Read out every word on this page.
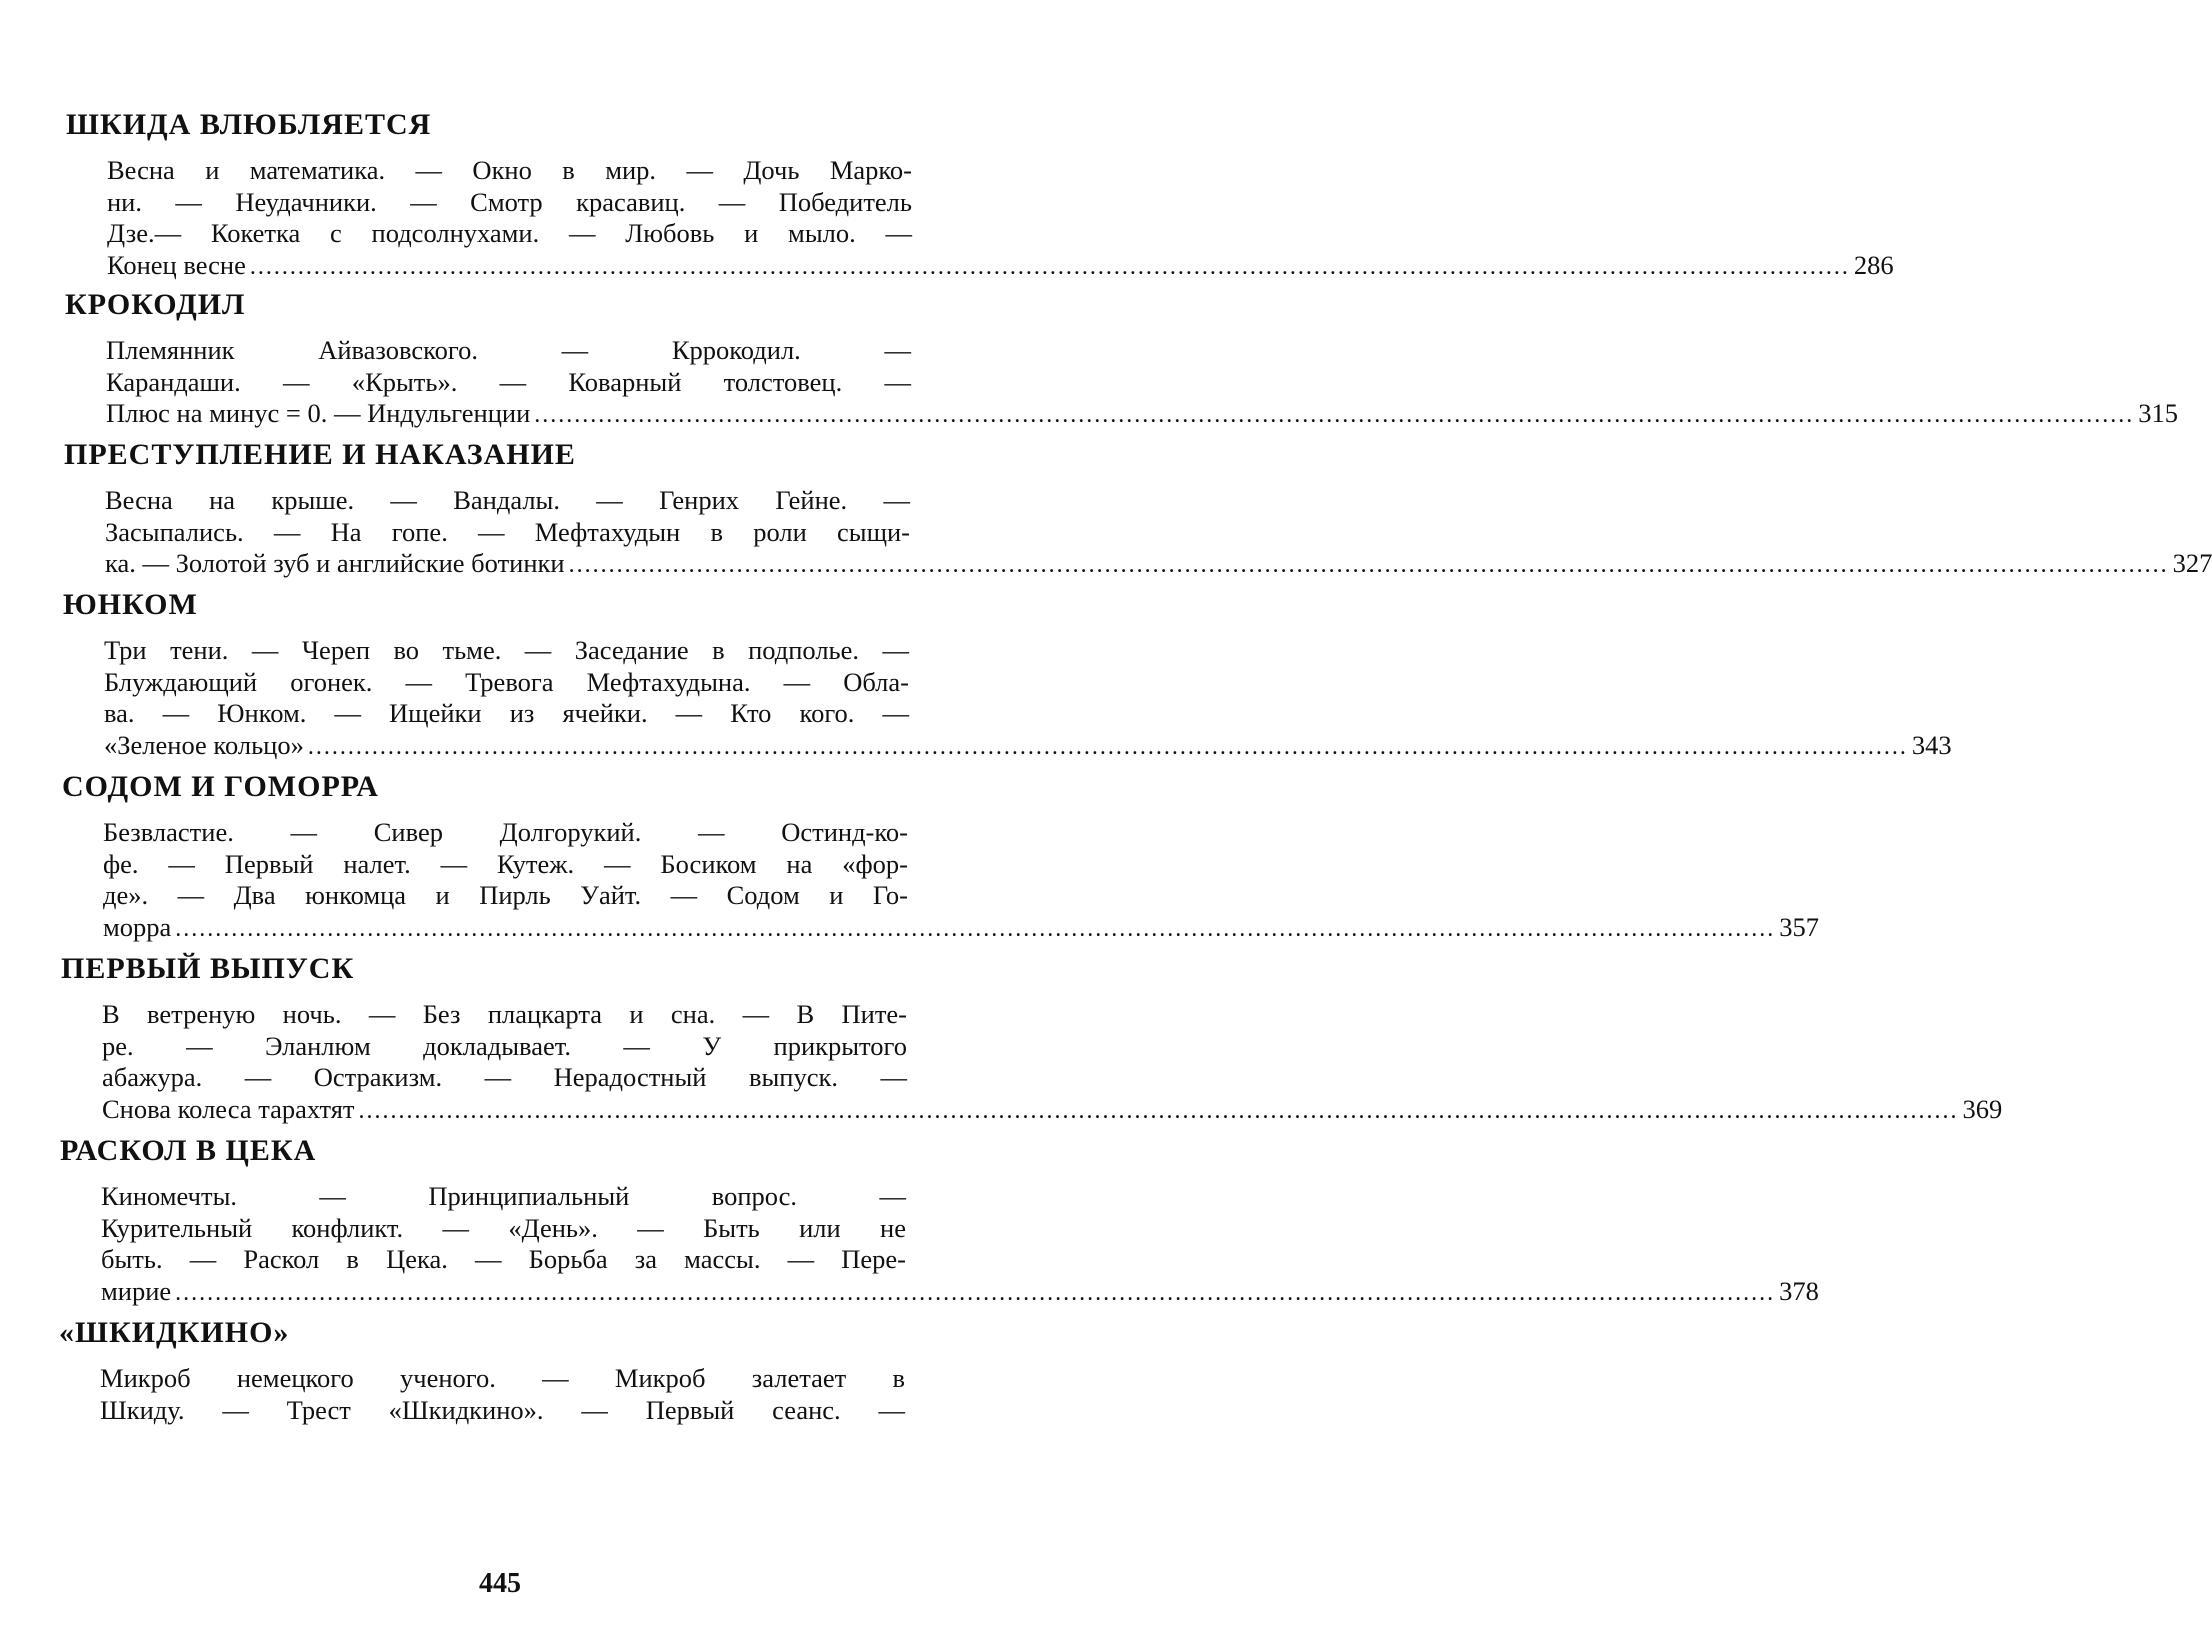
ШКИДА ВЛЮБЛЯЕТСЯ
Весна и математика. — Окно в мир. — Дочь Марко-
ни. — Неудачники. — Смотр красавиц. — Победитель
Дзе.— Кокетка с подсолнухами. — Любовь и мыло. —
Конец весне ........................................................................................................................................................................................................ 286
КРОКОДИЛ
Племянник Айвазовского. — Кррокодил. —
Карандаши. — «Крыть». — Коварный толстовец. —
Плюс на минус = 0. — Индульгенции ........................................................................................................................................................................................................ 315
ПРЕСТУПЛЕНИЕ И НАКАЗАНИЕ
Весна на крыше. — Вандалы. — Генрих Гейне. —
Засыпались. — На гопе. — Мефтахудын в роли сыщи-
ка. — Золотой зуб и английские ботинки ........................................................................................................................................................................................................ 327
ЮНКОМ
Три тени. — Череп во тьме. — Заседание в подполье. —
Блуждающий огонек. — Тревога Мефтахудына. — Обла-
ва. — Юнком. — Ищейки из ячейки. — Кто кого. —
«Зеленое кольцо» ........................................................................................................................................................................................................ 343
СОДОМ И ГОМОРРА
Безвластие. — Сивер Долгорукий. — Остинд-ко-
фе. — Первый налет. — Кутеж. — Босиком на «фор-
де». — Два юнкомца и Пирль Уайт. — Содом и Го-
морра ........................................................................................................................................................................................................ 357
ПЕРВЫЙ ВЫПУСК
В ветреную ночь. — Без плацкарта и сна. — В Пите-
ре. — Эланлюм докладывает. — У прикрытого
абажура. — Остракизм. — Нерадостный выпуск. —
Снова колеса тарахтят ........................................................................................................................................................................................................ 369
РАСКОЛ В ЦЕКА
Киномечты. — Принципиальный вопрос. —
Курительный конфликт. — «День». — Быть или не
быть. — Раскол в Цека. — Борьба за массы. — Пере-
мирие ........................................................................................................................................................................................................ 378
«ШКИДКИНО»
Микроб немецкого ученого. — Микроб залетает в
Шкиду. — Трест «Шкидкино». — Первый сеанс. —
445
